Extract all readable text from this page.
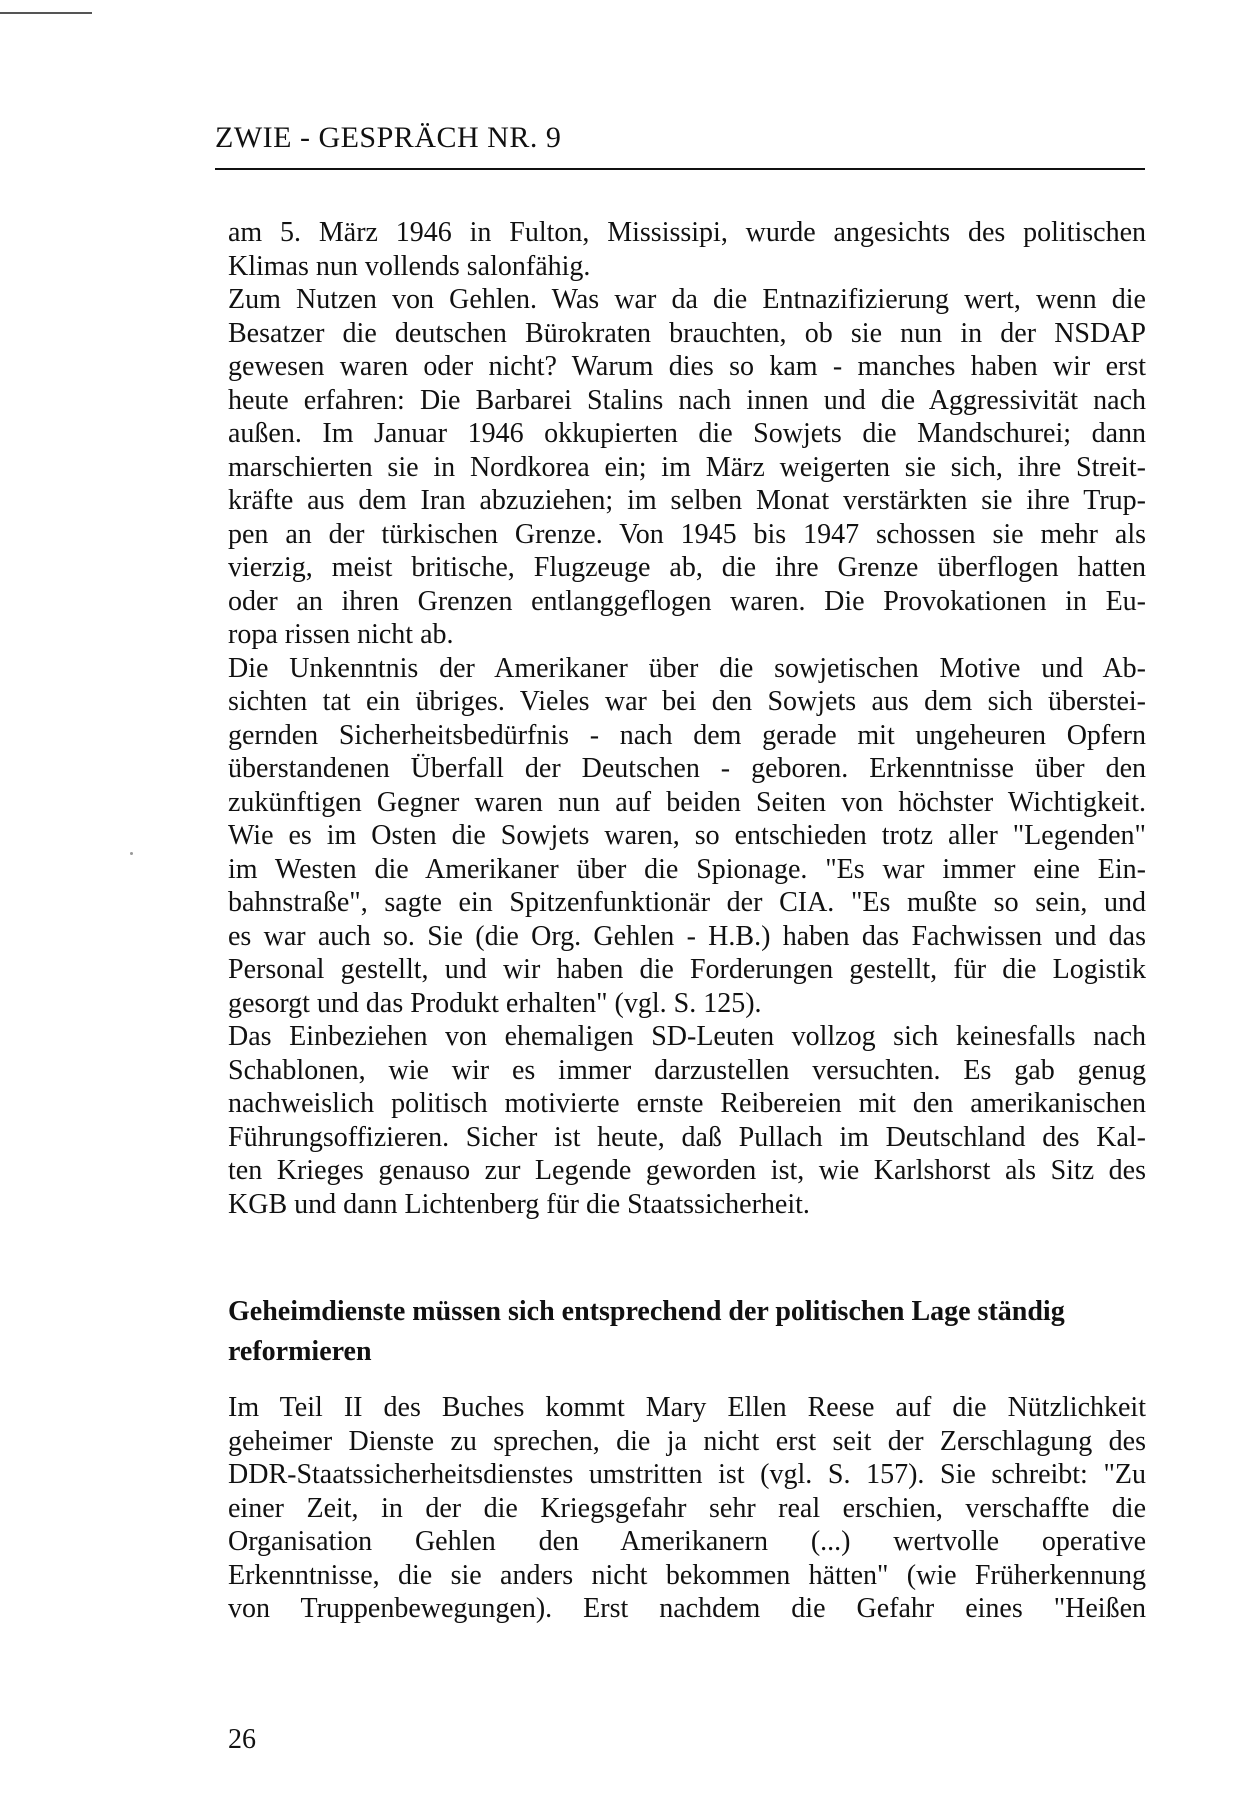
ZWIE - GESPRÄCH NR. 9
am 5. März 1946 in Fulton, Mississipi, wurde angesichts des politischen
Klimas nun vollends salonfähig.
Zum Nutzen von Gehlen. Was war da die Entnazifizierung wert, wenn die
Besatzer die deutschen Bürokraten brauchten, ob sie nun in der NSDAP
gewesen waren oder nicht? Warum dies so kam - manches haben wir erst
heute erfahren: Die Barbarei Stalins nach innen und die Aggressivität nach
außen. Im Januar 1946 okkupierten die Sowjets die Mandschurei; dann
marschierten sie in Nordkorea ein; im März weigerten sie sich, ihre Streit-
kräfte aus dem Iran abzuziehen; im selben Monat verstärkten sie ihre Trup-
pen an der türkischen Grenze. Von 1945 bis 1947 schossen sie mehr als
vierzig, meist britische, Flugzeuge ab, die ihre Grenze überflogen hatten
oder an ihren Grenzen entlanggeflogen waren. Die Provokationen in Eu-
ropa rissen nicht ab.
Die Unkenntnis der Amerikaner über die sowjetischen Motive und Ab-
sichten tat ein übriges. Vieles war bei den Sowjets aus dem sich überstei-
gernden Sicherheitsbedürfnis - nach dem gerade mit ungeheuren Opfern
überstandenen Überfall der Deutschen - geboren. Erkenntnisse über den
zukünftigen Gegner waren nun auf beiden Seiten von höchster Wichtigkeit.
Wie es im Osten die Sowjets waren, so entschieden trotz aller "Legenden"
im Westen die Amerikaner über die Spionage. "Es war immer eine Ein-
bahnstraße", sagte ein Spitzenfunktionär der CIA. "Es mußte so sein, und
es war auch so. Sie (die Org. Gehlen - H.B.) haben das Fachwissen und das
Personal gestellt, und wir haben die Forderungen gestellt, für die Logistik
gesorgt und das Produkt erhalten" (vgl. S. 125).
Das Einbeziehen von ehemaligen SD-Leuten vollzog sich keinesfalls nach
Schablonen, wie wir es immer darzustellen versuchten. Es gab genug
nachweislich politisch motivierte ernste Reibereien mit den amerikanischen
Führungsoffizieren. Sicher ist heute, daß Pullach im Deutschland des Kal-
ten Krieges genauso zur Legende geworden ist, wie Karlshorst als Sitz des
KGB und dann Lichtenberg für die Staatssicherheit.
Geheimdienste müssen sich entsprechend der politischen Lage ständig
reformieren
Im Teil II des Buches kommt Mary Ellen Reese auf die Nützlichkeit
geheimer Dienste zu sprechen, die ja nicht erst seit der Zerschlagung des
DDR-Staatssicherheitsdienstes umstritten ist (vgl. S. 157). Sie schreibt: "Zu
einer Zeit, in der die Kriegsgefahr sehr real erschien, verschaffte die
Organisation Gehlen den Amerikanern (...) wertvolle operative
Erkenntnisse, die sie anders nicht bekommen hätten" (wie Früherkennung
von Truppenbewegungen). Erst nachdem die Gefahr eines "Heißen
26
